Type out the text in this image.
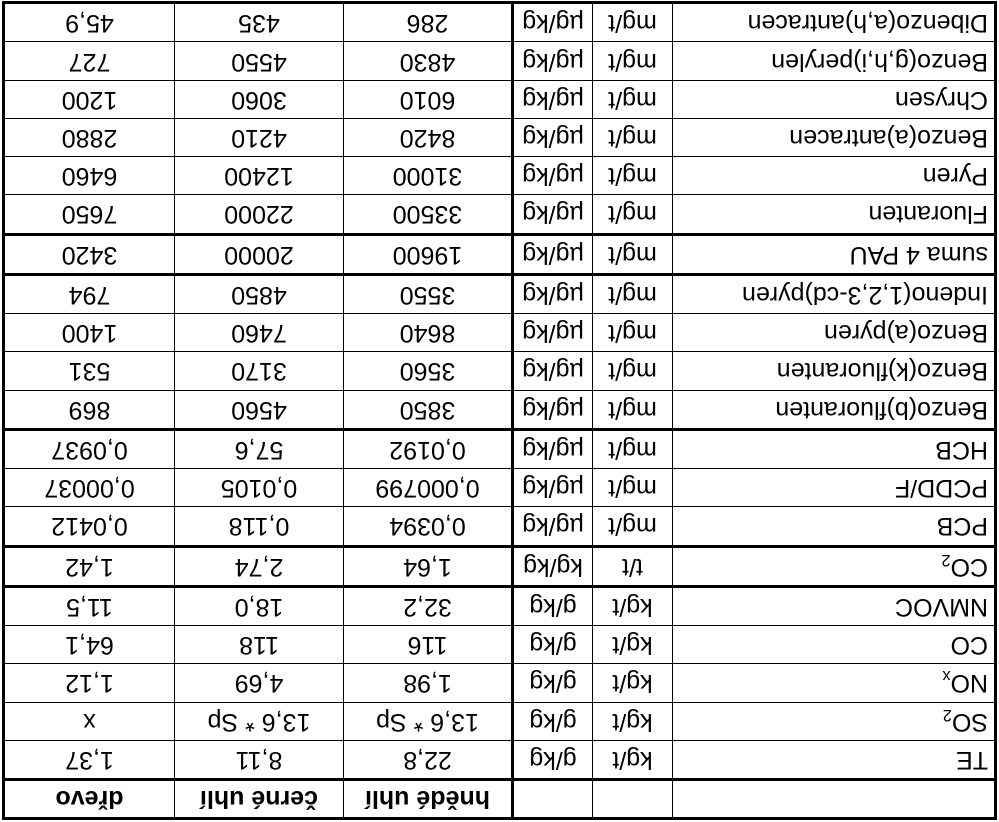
			hnědé uhlí	černé uhlí	dřevo
TE	kg/t	g/kg	22,8	8,11	1,37
$SO_2$	kg/t	g/kg	13,6 * Sp	13,6 * Sp	x
$NO_x$	kg/t	g/kg	1,98	4,69	1,12
CO	kg/t	g/kg	116	118	64,1
NMVOC	kg/t	g/kg	32,2	18,0	11,5
$CO_2$	t/t	kg/kg	1,64	2,74	1,42
PCB	mg/t	µg/kg	0,0394	0,118	0,0412
PCDD/F	mg/t	µg/kg	0,000799	0,0105	0,00037
HCB	mg/t	µg/kg	0,0192	57,6	0,0937
Benzo(b)fluoranten	mg/t	µg/kg	3850	4560	869
Benzo(k)fluoranten	mg/t	µg/kg	3560	3170	531
Benzo(a)pyren	mg/t	µg/kg	8640	7460	1400
Indeno(1,2,3-cd)pyren	mg/t	µg/kg	3550	4850	794
suma 4 PAU	mg/t	µg/kg	19600	20000	3420
Fluoranten	mg/t	µg/kg	33500	22000	7650
Pyren	mg/t	µg/kg	31000	12400	6460
Benzo(a)antracen	mg/t	µg/kg	8420	4210	2880
Chrysen	mg/t	µg/kg	6010	3060	1200
Benzo(g,h,i)perylen	mg/t	µg/kg	4830	4550	727
Dibenzo(a,h)antracen	mg/t	µg/kg	286	435	45,9
